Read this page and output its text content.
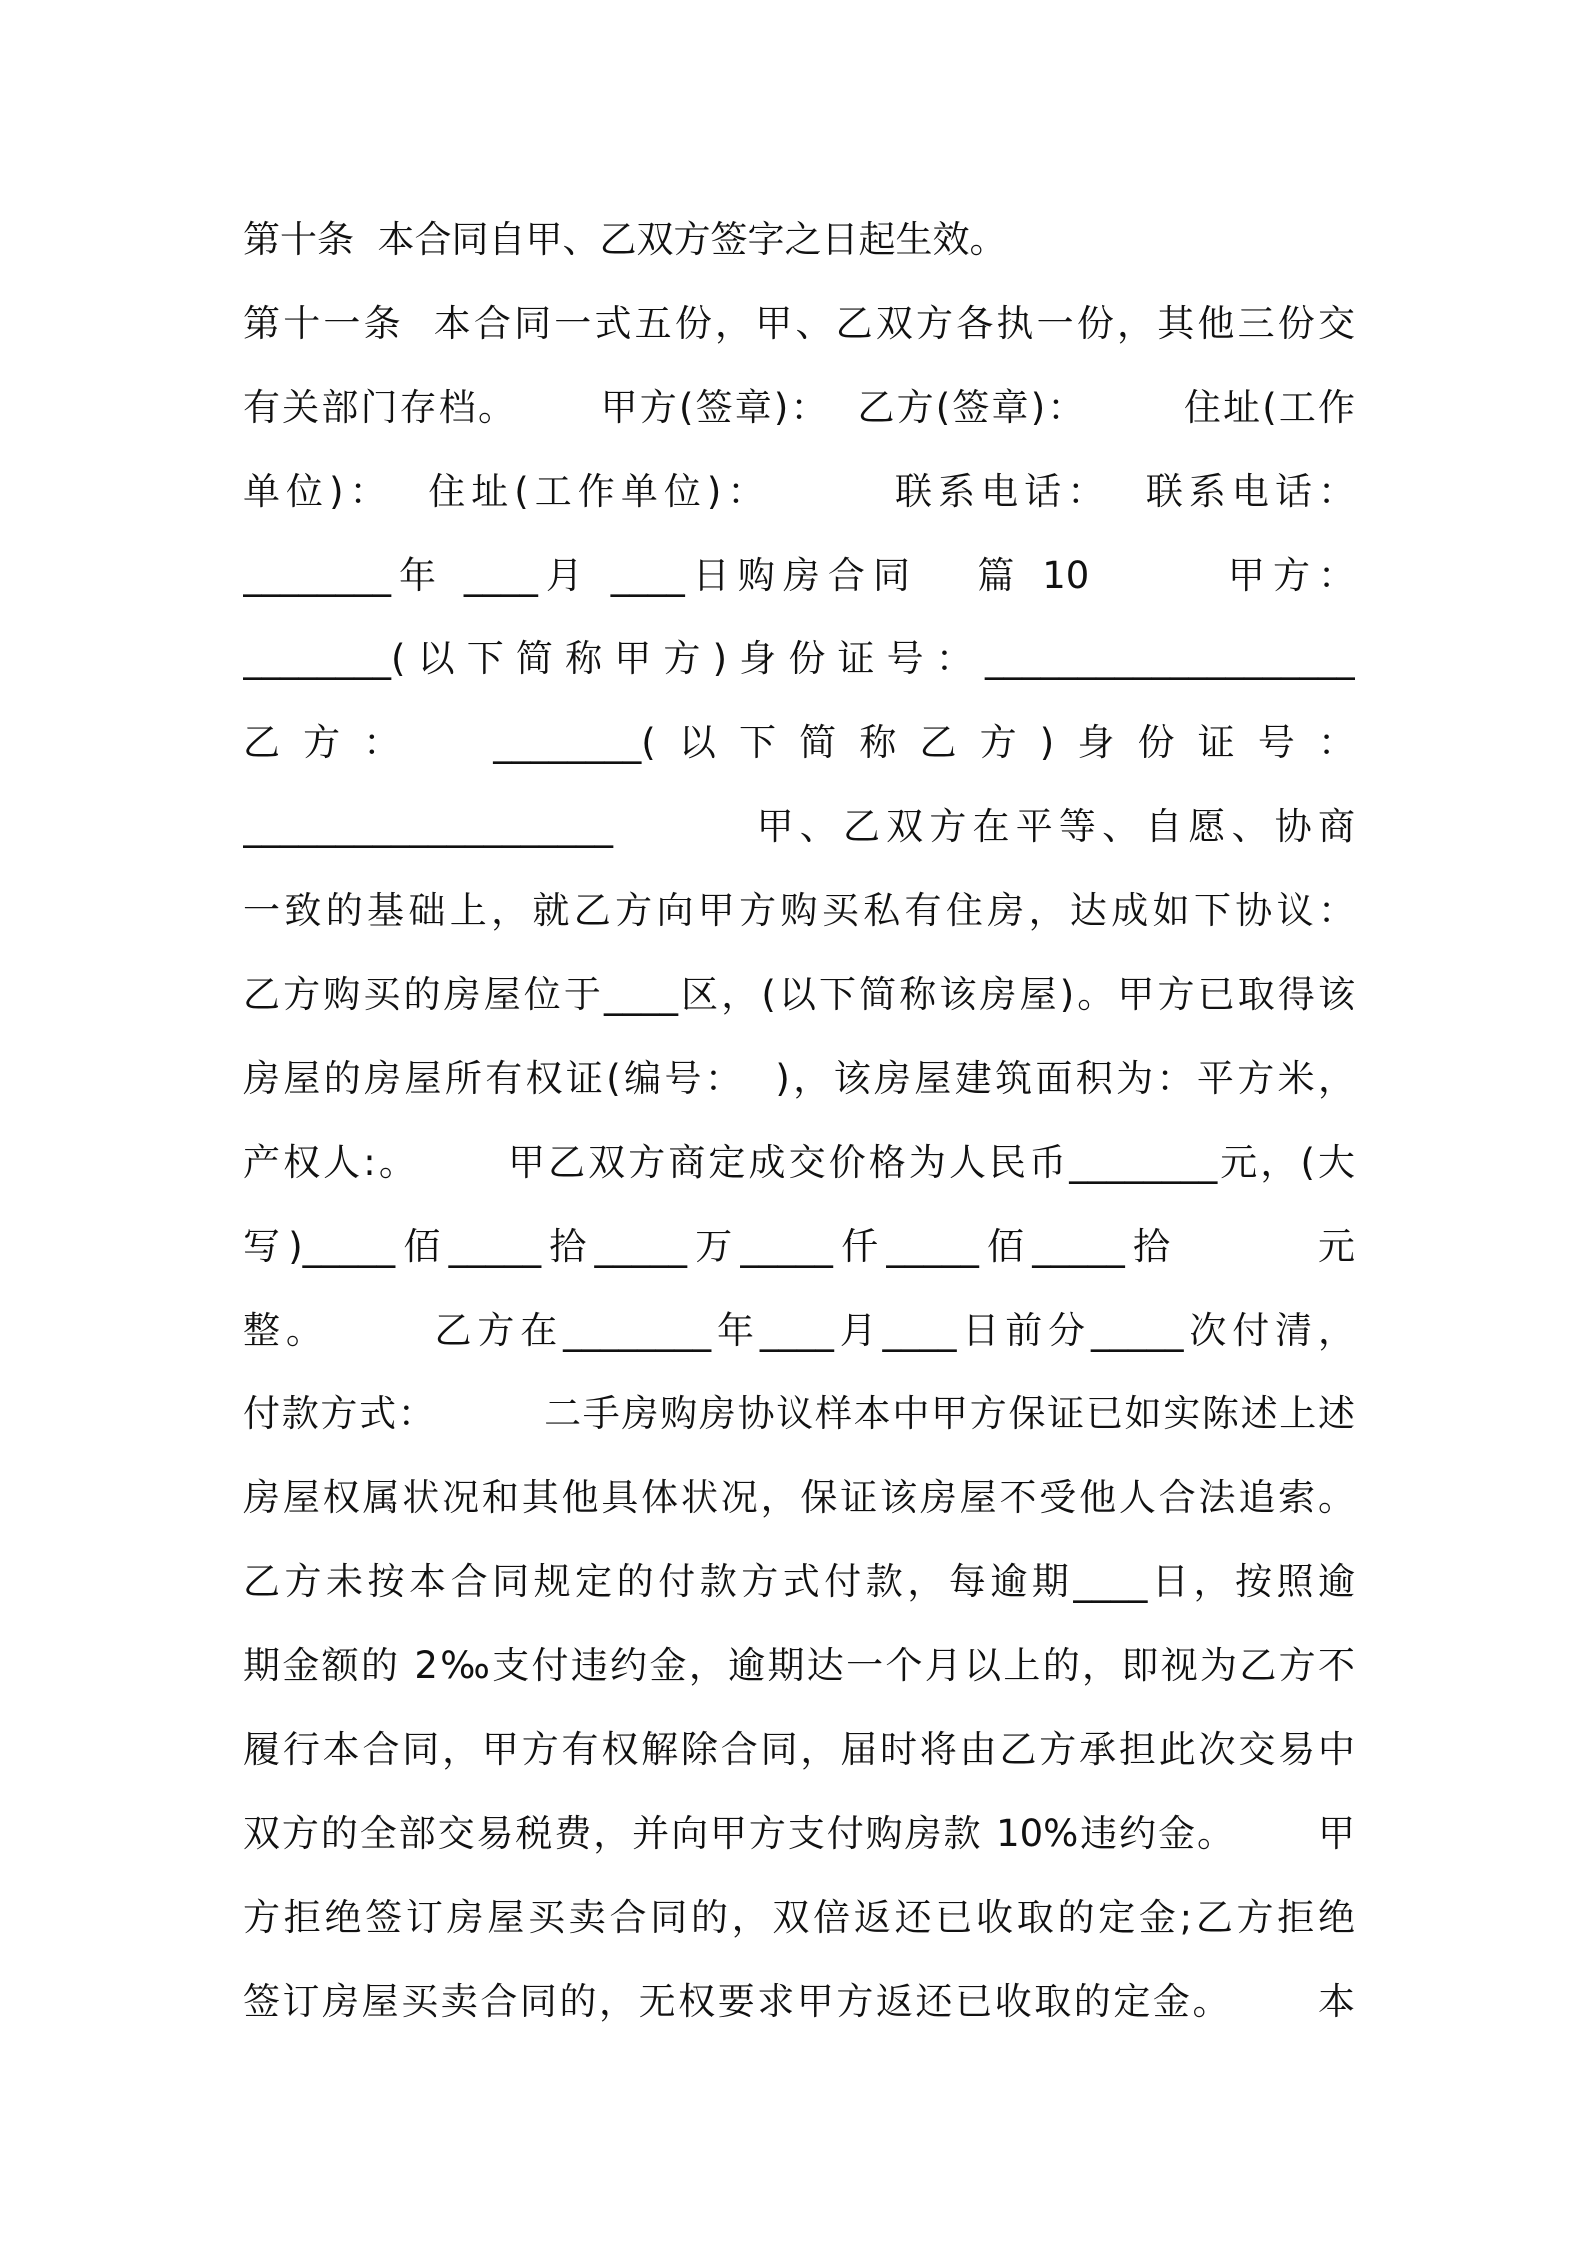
第十条  本合同自甲、乙双方签字之日起生效。
第十一条  本合同一式五份，甲、乙双方各执一份，其他三份交
有关部门存档。      甲方(签章)：  乙方(签章)：       住址(工作
单位)：  住址(工作单位)：       联系电话：  联系电话：
________年 ____月 ____日购房合同   篇 10       甲方：
________(以下简称甲方)身份证号：____________________
乙方：  ________(以下简称乙方)身份证号：
____________________        甲、乙双方在平等、自愿、协商
一致的基础上，就乙方向甲方购买私有住房，达成如下协议：
乙方购买的房屋位于____区，(以下简称该房屋)。甲方已取得该
房屋的房屋所有权证(编号：  )，该房屋建筑面积为：平方米，
产权人:。      甲乙双方商定成交价格为人民币________元，(大
写)_____佰_____拾_____万_____仟_____佰_____拾       元
整。      乙方在________年____月____日前分_____次付清，
付款方式：        二手房购房协议样本中甲方保证已如实陈述上述
房屋权属状况和其他具体状况，保证该房屋不受他人合法追索。
乙方未按本合同规定的付款方式付款，每逾期____日，按照逾
期金额的 2‰支付违约金，逾期达一个月以上的，即视为乙方不
履行本合同，甲方有权解除合同，届时将由乙方承担此次交易中
双方的全部交易税费，并向甲方支付购房款 10%违约金。      甲
方拒绝签订房屋买卖合同的，双倍返还已收取的定金;乙方拒绝
签订房屋买卖合同的，无权要求甲方返还已收取的定金。      本
